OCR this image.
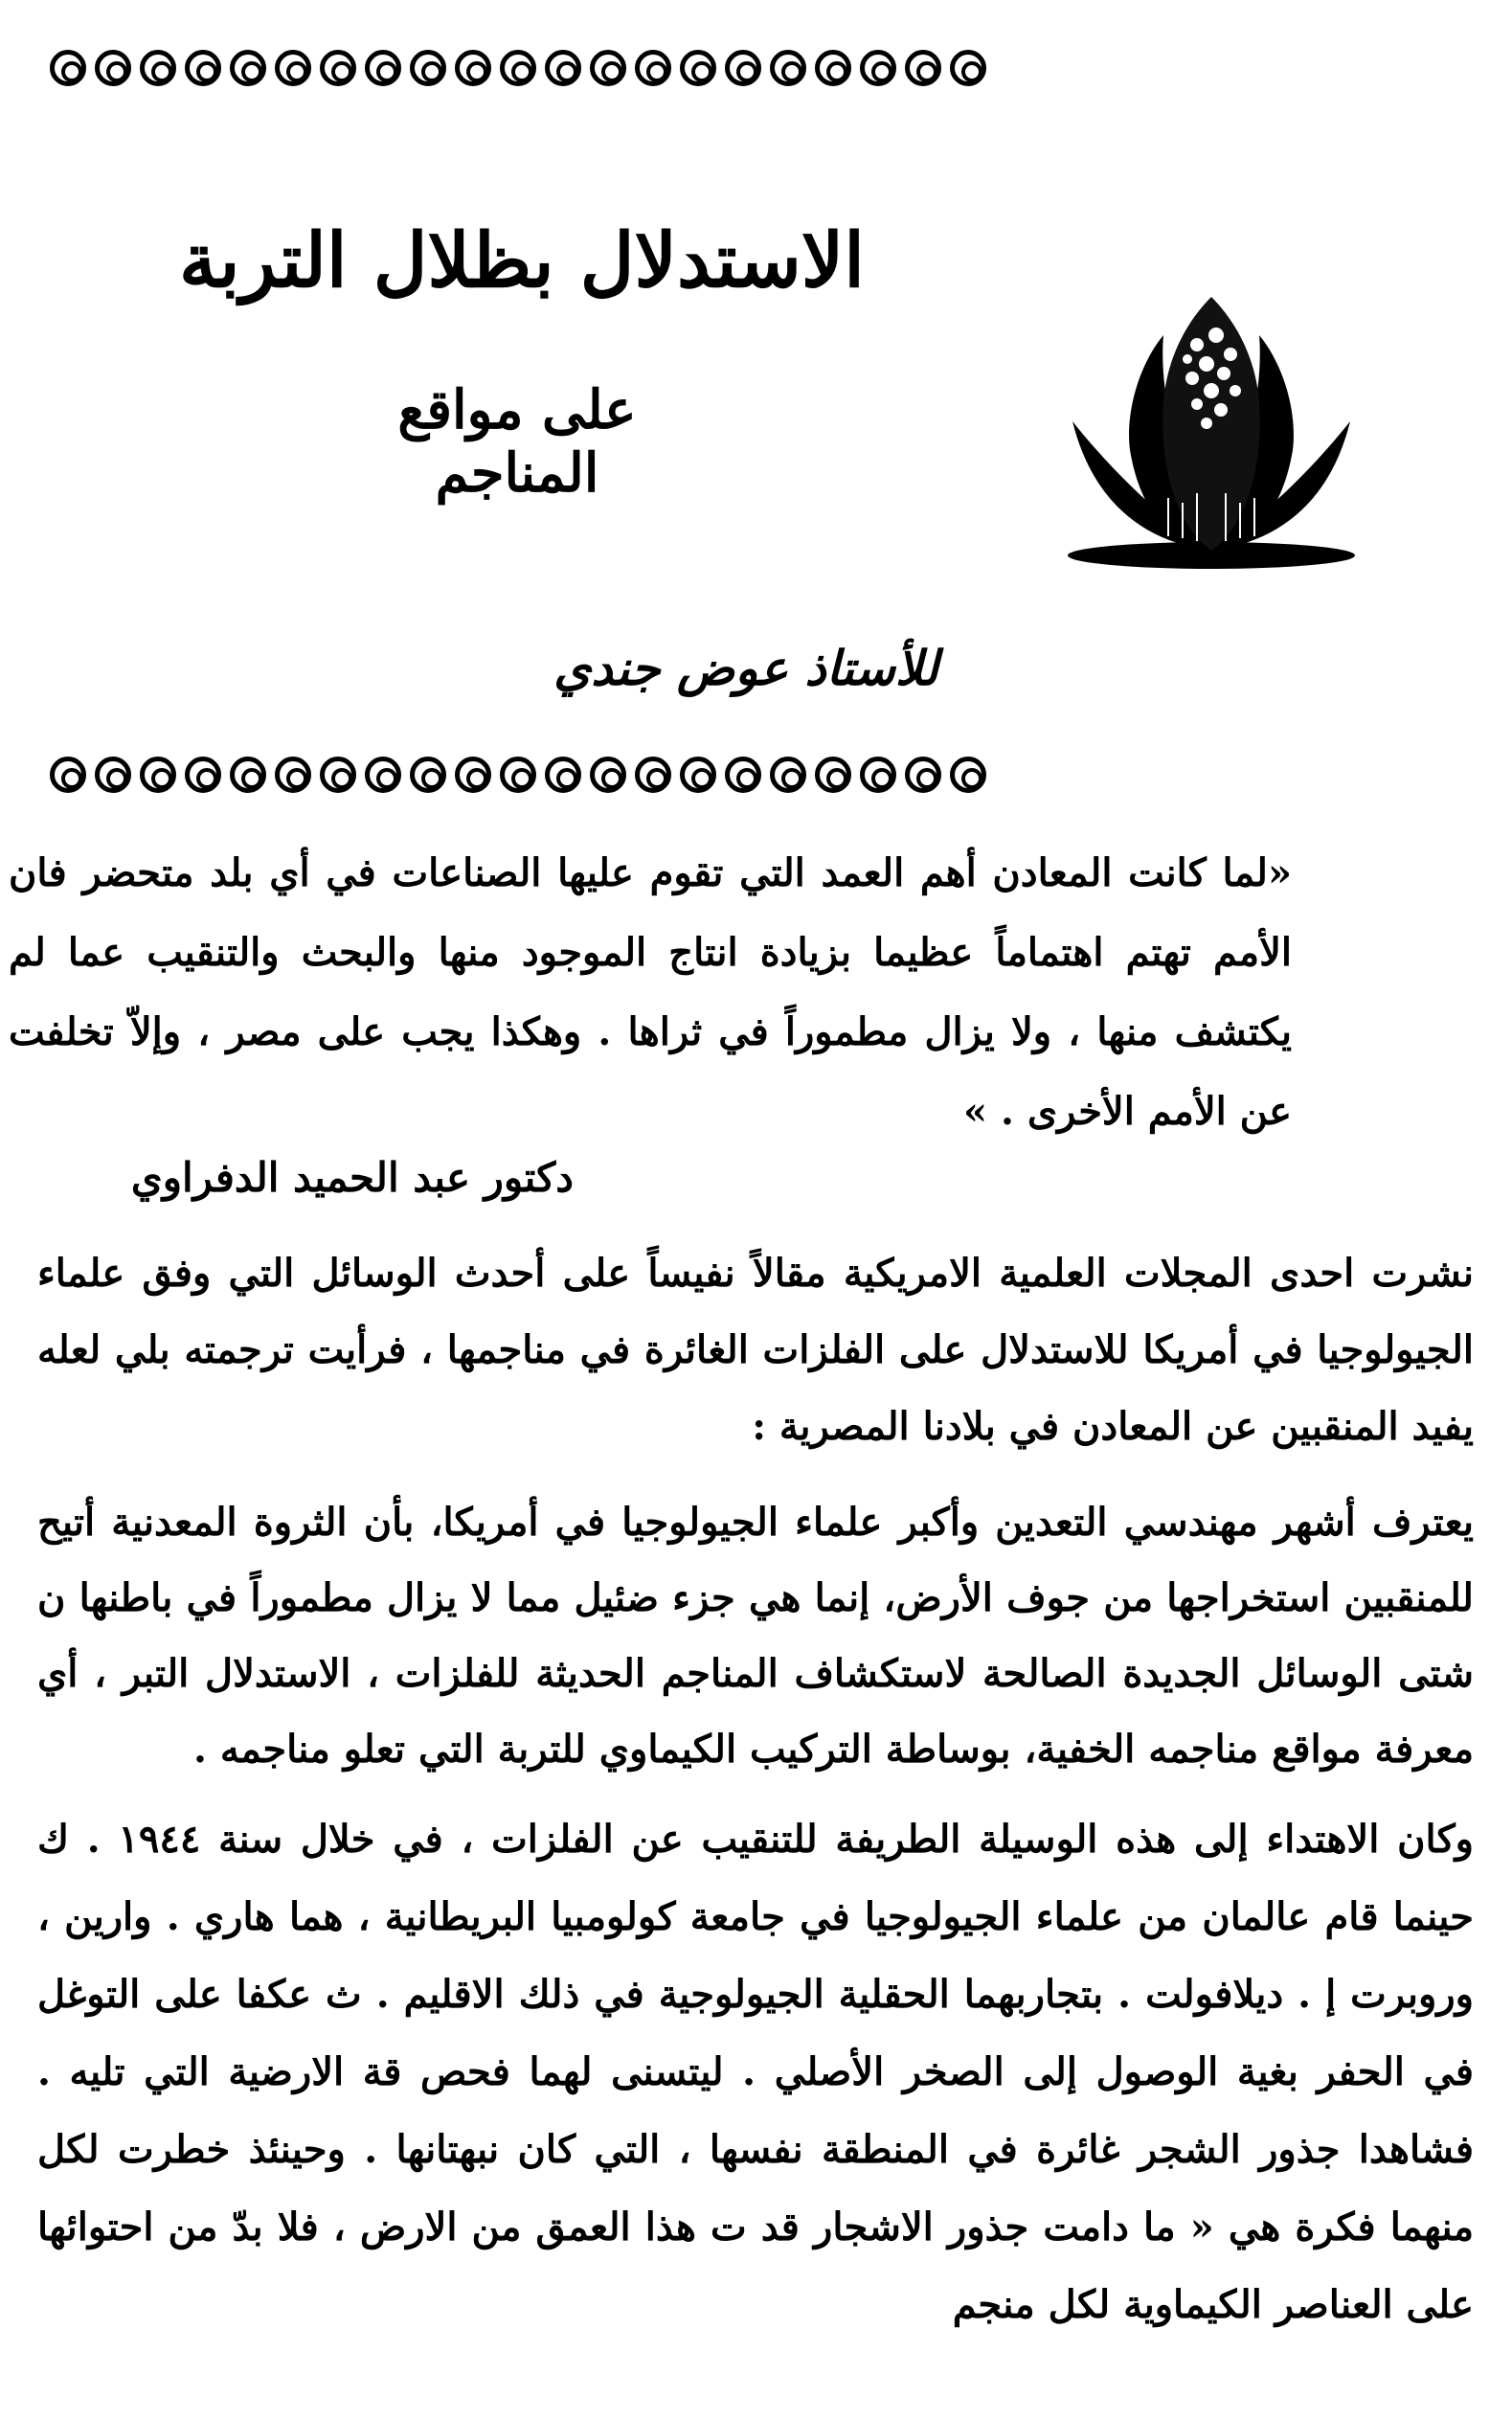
الاستدلال بظلال التربة
على مواقع المناجم
للأستاذ عوض جندي

«لما كانت المعادن أهم العمد التي تقوم عليها الصناعات في أي بلد متحضر فان الأمم تهتم اهتماماً عظيما بزيادة انتاج الموجود منها والبحث والتنقيب عما لم يكتشف منها ، ولا يزال مطموراً في ثراها . وهكذا يجب على مصر ، وإلاّ تخلفت عن الأمم الأخرى . »

دكتور عبد الحميد الدفراوي

نشرت احدى المجلات العلمية الامريكية مقالاً نفيساً على أحدث الوسائل التي وفق علماء الجيولوجيا في أمريكا للاستدلال على الفلزات الغائرة في مناجمها ، فرأيت ترجمته بلي لعله يفيد المنقبين عن المعادن في بلادنا المصرية :

يعترف أشهر مهندسي التعدين وأكبر علماء الجيولوجيا في أمريكا، بأن الثروة المعدنية أتيح للمنقبين استخراجها من جوف الأرض، إنما هي جزء ضئيل مما لا يزال مطموراً في باطنها ن شتى الوسائل الجديدة الصالحة لاستكشاف المناجم الحديثة للفلزات ، الاستدلال التبر ، أي معرفة مواقع مناجمه الخفية، بوساطة التركيب الكيماوي للتربة التي تعلو مناجمه .

وكان الاهتداء إلى هذه الوسيلة الطريفة للتنقيب عن الفلزات ، في خلال سنة ١٩٤٤ . ك حينما قام عالمان من علماء الجيولوجيا في جامعة كولومبيا البريطانية ، هما هاري . وارين ، وروبرت إ . ديلافولت . بتجاربهما الحقلية الجيولوجية في ذلك الاقليم . ث عكفا على التوغل في الحفر بغية الوصول إلى الصخر الأصلي . ليتسنى لهما فحص قة الارضية التي تليه . فشاهدا جذور الشجر غائرة في المنطقة نفسها ، التي كان نبهتانها . وحينئذ خطرت لكل منهما فكرة هي « ما دامت جذور الاشجار قد ت هذا العمق من الارض ، فلا بدّ من احتوائها على العناصر الكيماوية لكل منجم
